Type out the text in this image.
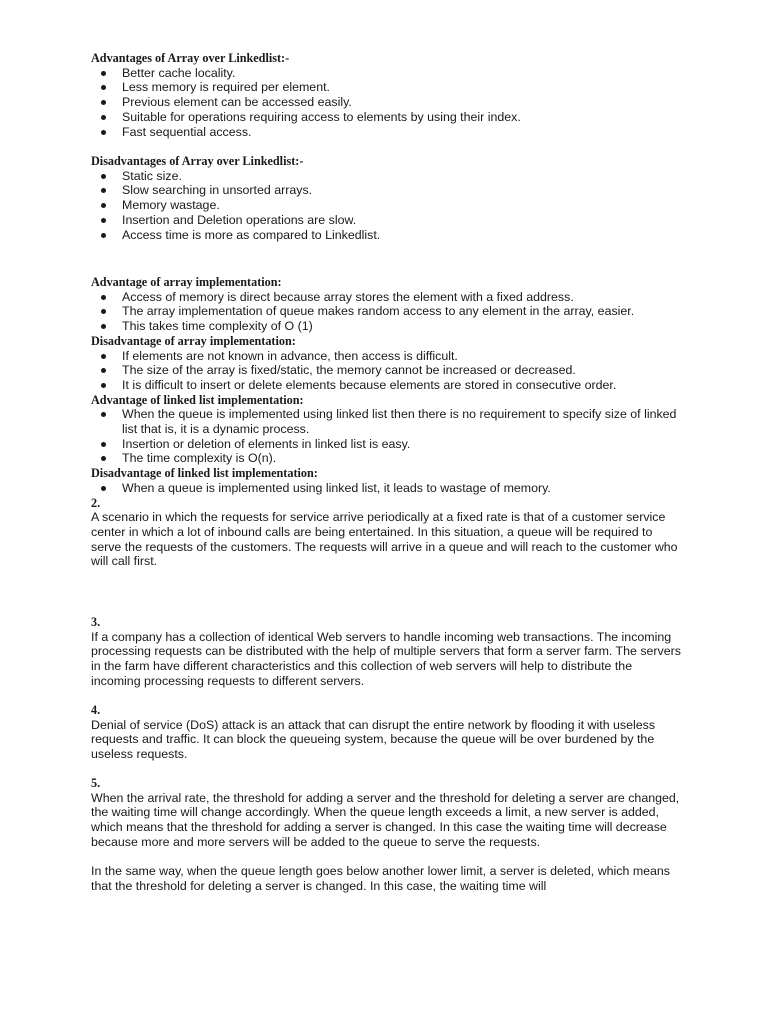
Advantages of Array over Linkedlist:-
Better cache locality.
Less memory is required per element.
Previous element can be accessed easily.
Suitable for operations requiring access to elements by using their index.
Fast sequential access.
Disadvantages of Array over Linkedlist:-
Static size.
Slow searching in unsorted arrays.
Memory wastage.
Insertion and Deletion operations are slow.
Access time is more as compared to Linkedlist.
Advantage of array implementation:
Access of memory is direct because array stores the element with a fixed address.
The array implementation of queue makes random access to any element in the array, easier.
This takes time complexity of O (1)
Disadvantage of array implementation:
If elements are not known in advance, then access is difficult.
The size of the array is fixed/static, the memory cannot be increased or decreased.
It is difficult to insert or delete elements because elements are stored in consecutive order.
Advantage of linked list implementation:
When the queue is implemented using linked list then there is no requirement to specify size of linked list that is, it is a dynamic process.
Insertion or deletion of elements in linked list is easy.
The time complexity is O(n).
Disadvantage of linked list implementation:
When a queue is implemented using linked list, it leads to wastage of memory.
2.
A scenario in which the requests for service arrive periodically at a fixed rate is that of a customer service center in which a lot of inbound calls are being entertained. In this situation, a queue will be required to serve the requests of the customers. The requests will arrive in a queue and will reach to the customer who will call first.
3.
If a company has a collection of identical Web servers to handle incoming web transactions. The incoming processing requests can be distributed with the help of multiple servers that form a server farm. The servers in the farm have different characteristics and this collection of web servers will help to distribute the incoming processing requests to different servers.
4.
Denial of service (DoS) attack is an attack that can disrupt the entire network by flooding it with useless requests and traffic. It can block the queueing system, because the queue will be over burdened by the useless requests.
5.
When the arrival rate, the threshold for adding a server and the threshold for deleting a server are changed, the waiting time will change accordingly. When the queue length exceeds a limit, a new server is added, which means that the threshold for adding a server is changed. In this case the waiting time will decrease because more and more servers will be added to the queue to serve the requests.
In the same way, when the queue length goes below another lower limit, a server is deleted, which means that the threshold for deleting a server is changed. In this case, the waiting time will
